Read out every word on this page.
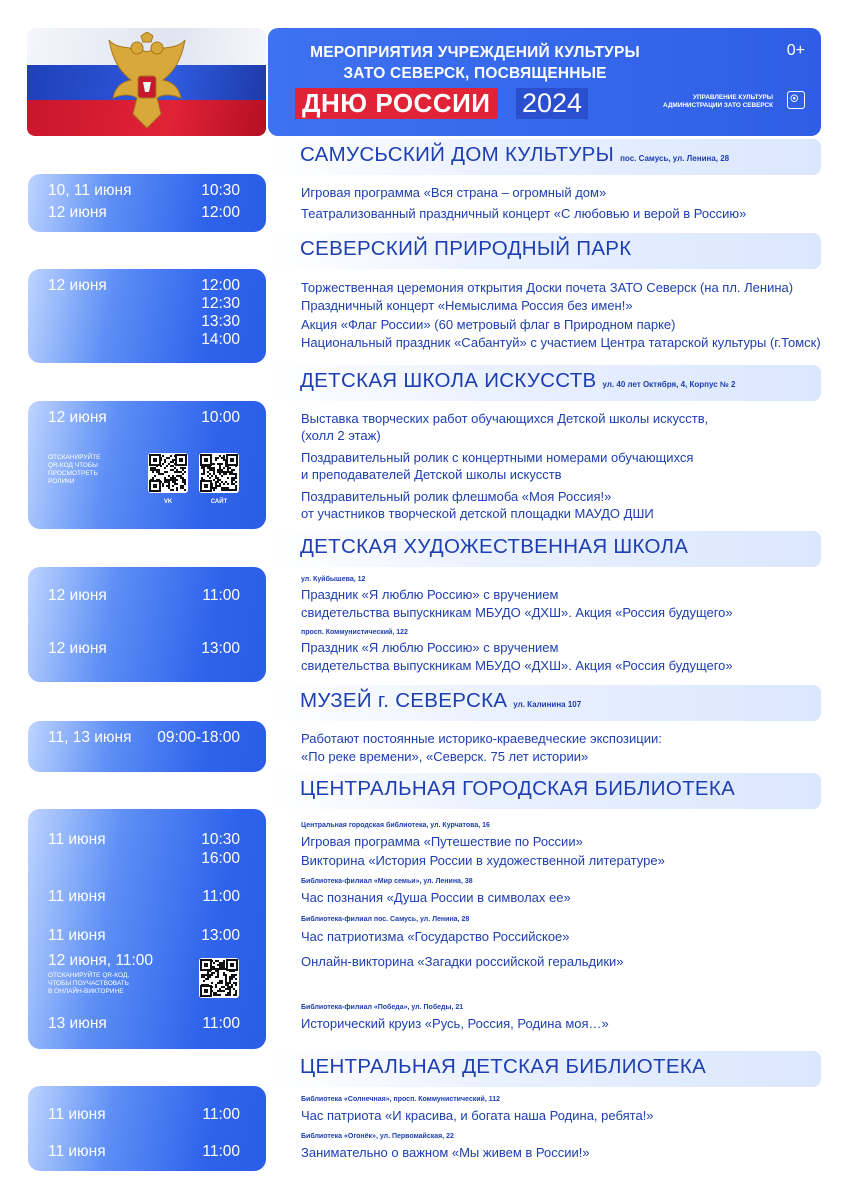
МЕРОПРИЯТИЯ УЧРЕЖДЕНИЙ КУЛЬТУРЫ
ЗАТО СЕВЕРСК, ПОСВЯЩЕННЫЕ
ДНЮ РОССИИ 2024
0+
УПРАВЛЕНИЕ КУЛЬТУРЫ
АДМИНИСТРАЦИИ ЗАТО СЕВЕРСК
САМУСЬСКИЙ ДОМ КУЛЬТУРЫ пос. Самусь, ул. Ленина, 28
10, 11 июня	10:30
12 июня	12:00
Игровая программа «Вся страна – огромный дом»
Театрализованный праздничный концерт «С любовью и верой в Россию»
СЕВЕРСКИЙ ПРИРОДНЫЙ ПАРК
12 июня	12:00
12:30
13:30
14:00
Торжественная церемония открытия Доски почета ЗАТО Северск (на пл. Ленина)
Праздничный концерт «Немыслима Россия без имен!»
Акция «Флаг России» (60 метровый флаг в Природном парке)
Национальный праздник «Сабантуй» с участием Центра татарской культуры (г.Томск)
ДЕТСКАЯ ШКОЛА ИСКУССТВ ул. 40 лет Октября, 4, Корпус № 2
12 июня	10:00
ОТСКАНИРУЙТЕ
QR-КОД ЧТОБЫ
ПРОСМОТРЕТЬ
РОЛИКИ
VK	САЙТ
Выставка творческих работ обучающихся Детской школы искусств,
(холл 2 этаж)
Поздравительный ролик с концертными номерами обучающихся
и преподавателей Детской школы искусств
Поздравительный ролик флешмоба «Моя Россия!»
от участников творческой детской площадки МАУДО ДШИ
ДЕТСКАЯ ХУДОЖЕСТВЕННАЯ ШКОЛА
12 июня	11:00
12 июня	13:00
ул. Куйбышева, 12
Праздник «Я люблю Россию» с вручением
свидетельства выпускникам МБУДО «ДХШ». Акция «Россия будущего»
просп. Коммунистический, 122
Праздник «Я люблю Россию» с вручением
свидетельства выпускникам МБУДО «ДХШ». Акция «Россия будущего»
МУЗЕЙ г. СЕВЕРСКА ул. Калинина 107
11, 13 июня 09:00-18:00	Работают постоянные историко-краеведческие экспозиции:
«По реке времени», «Северск. 75 лет истории»
ЦЕНТРАЛЬНАЯ ГОРОДСКАЯ БИБЛИОТЕКА
11 июня	10:30
16:00
11 июня	11:00
11 июня	13:00
12 июня, 11:00
ОТСКАНИРУЙТЕ QR-КОД,
ЧТОБЫ ПОУЧАСТВОВАТЬ
В ОНЛАЙН-ВИКТОРИНЕ
13 июня	11:00
Центральная городская библиотека, ул. Курчатова, 16
Игровая программа «Путешествие по России»
Викторина «История России в художественной литературе»
Библиотека-филиал «Мир семьи», ул. Ленина, 38
Час познания «Душа России в символах ее»
Библиотека-филиал пос. Самусь, ул. Ленина, 28
Час патриотизма «Государство Российское»
Онлайн-викторина «Загадки российской геральдики»
Библиотека-филиал «Победа», ул. Победы, 21
Исторический круиз «Русь, Россия, Родина моя…»
ЦЕНТРАЛЬНАЯ ДЕТСКАЯ БИБЛИОТЕКА
11 июня	11:00
11 июня	11:00
Библиотека «Солнечная», просп. Коммунистический, 112
Час патриота «И красива, и богата наша Родина, ребята!»
Библиотека «Огонёк», ул. Первомайская, 22
Занимательно о важном «Мы живем в России!»
